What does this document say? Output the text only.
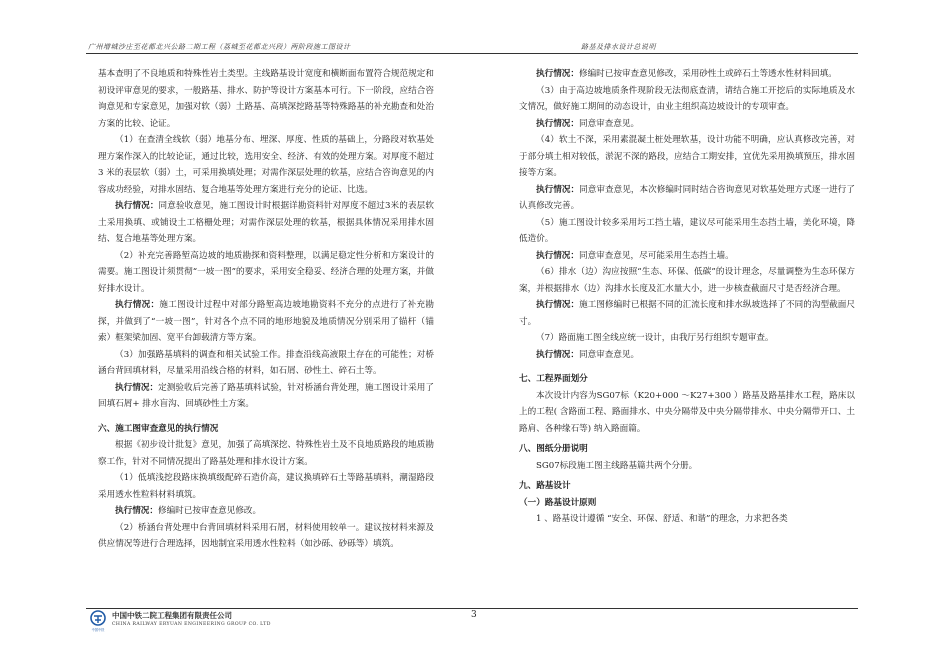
广州增城沙庄至花都北兴公路二期工程（荔城至花都北兴段）两阶段施工图设计	路基及排水设计总说明

基本查明了不良地质和特殊性岩土类型。主线路基设计宽度和横断面布置符合规范规定和初设评审意见的要求，一般路基、排水、防护等设计方案基本可行。下一阶段，应结合咨询意见和专家意见，加强对软（弱）土路基、高填深挖路基等特殊路基的补充勘查和处治方案的比较、论证。

（1）在查清全线软（弱）地基分布、埋深、厚度、性质的基础上，分路段对软基处理方案作深入的比较论证，通过比较，选用安全、经济、有效的处理方案。对厚度不超过3 米的表层软（弱）土，可采用换填处理；对需作深层处理的软基，应结合咨询意见的内容成功经验，对排水固结、复合地基等处理方案进行充分的论证、比选。

执行情况：同意验收意见，施工图设计时根据详勘资料针对厚度不超过3米的表层软土采用换填、或铺设土工格栅处理；对需作深层处理的软基，根据具体情况采用排水固结、复合地基等处理方案。

（2）补充完善路堑高边坡的地质勘探和资料整理，以满足稳定性分析和方案设计的需要。施工图设计须贯彻“一坡一图”的要求，采用安全稳妥、经济合理的处理方案，并做好排水设计。

执行情况：施工图设计过程中对部分路堑高边坡地勘资料不充分的点进行了补充勘探，并做到了“一坡一图”，针对各个点不同的地形地貌及地质情况分别采用了锚杆（锚索）框架梁加固、宽平台卸载清方等方案。

（3）加强路基填料的调查和相关试验工作。排查沿线高液限土存在的可能性；对桥涵台背回填材料，尽量采用沿线合格的材料，如石屑、砂性土、碎石土等。

执行情况：定测验收后完善了路基填料试验，针对桥涵台背处理，施工图设计采用了回填石屑+ 排水盲沟、回填砂性土方案。

六、施工图审查意见的执行情况

根据《初步设计批复》意见，加强了高填深挖、特殊性岩土及不良地质路段的地质勘察工作，针对不同情况提出了路基处理和排水设计方案。

（1）低填浅挖段路床换填级配碎石造价高，建议换填碎石土等路基填料，潮湿路段采用透水性粒料材料填筑。

执行情况：修编时已按审查意见修改。

（2）桥涵台背处理中台背回填材料采用石屑，材料使用较单一。建议按材料来源及供应情况等进行合理选择，因地制宜采用透水性粒料（如沙砾、砂砾等）填筑。

执行情况：修编时已按审查意见修改，采用砂性土或碎石土等透水性材料回填。

（3）由于高边坡地质条件现阶段无法彻底查清，请结合施工开挖后的实际地质及水文情况，做好施工期间的动态设计，由业主组织高边坡设计的专项审查。

执行情况：同意审查意见。

（4）软土不深，采用素混凝土桩处理软基，设计功能不明确，应认真修改完善，对于部分填土相对较低，淤泥不深的路段，应结合工期安排，宜优先采用换填预压，排水固接等方案。

执行情况：同意审查意见，本次修编时同时结合咨询意见对软基处理方式逐一进行了认真修改完善。

（5）施工图设计较多采用圬工挡土墙，建议尽可能采用生态挡土墙，美化环境，降低造价。

执行情况：同意审查意见，尽可能采用生态挡土墙。

（6）排水（边）沟应按照“生态、环保、低碳”的设计理念，尽量调整为生态环保方案，并根据排水（边）沟排水长度及汇水量大小，进一步核查截面尺寸是否经济合理。

执行情况：施工图修编时已根据不同的汇流长度和排水纵坡选择了不同的沟型截面尺寸。

（7）路面施工图全线应统一设计，由我厅另行组织专题审查。

执行情况：同意审查意见。

七、工程界面划分

本次设计内容为SG07标（K20+000 ～K27+300 ）路基及路基排水工程，路床以上的工程( 含路面工程、路面排水、中央分隔带及中央分隔带排水、中央分隔带开口、土路肩、各种缘石等) 纳入路面篇。

八、图纸分册说明

SG07标段施工图主线路基篇共两个分册。

九、路基设计

（一）路基设计原则

1 、路基设计遵循 “安全、环保、舒适、和谐”的理念，力求把各类

中国中铁
中国中铁二院工程集团有限责任公司
CHINA RAILWAY ERYUAN ENGINEERING GROUP CO. LTD
3
